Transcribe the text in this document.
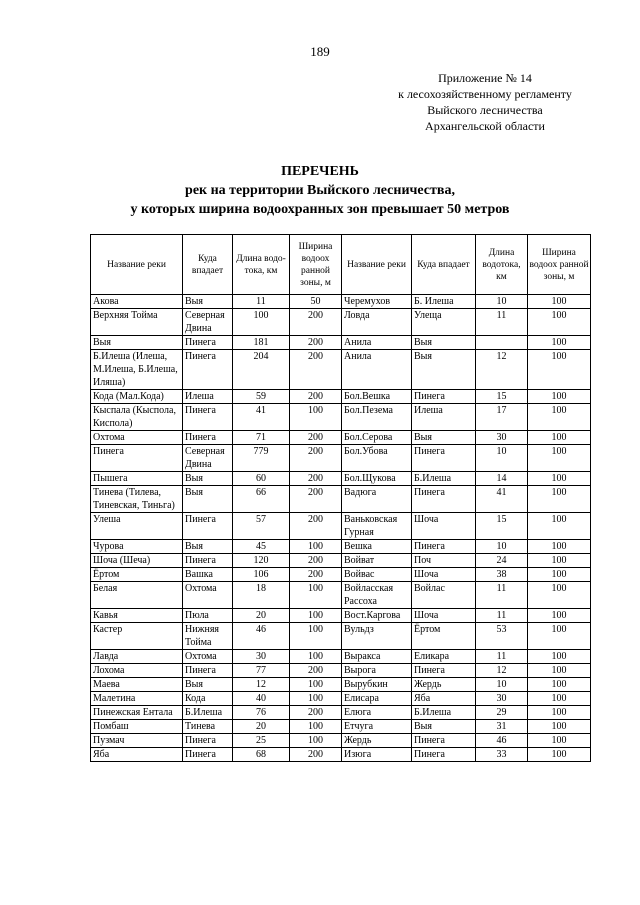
189
Приложение № 14
к лесохозяйственному регламенту
Выйского лесничества
Архангельской области
ПЕРЕЧЕНЬ
рек на территории Выйского лесничества,
у которых ширина водоохранных зон превышает 50 метров
Название реки	Куда впадает	Длина водо-тока, км	Ширина водоох ранной зоны, м	Название реки	Куда впадает	Длина водотока, км	Ширина водоох ранной зоны, м
Акова	Выя	11	50	Черемухов	Б. Илеша	10	100
Верхняя Тойма	Северная Двина	100	200	Ловда	Улеща	11	100
Выя	Пинега	181	200	Анила	Выя		100
Б.Илеша (Илеша, М.Илеша, Б.Илеша, Иляша)	Пинега	204	200	Анила	Выя	12	100
Кода (Мал.Кода)	Илеша	59	200	Бол.Вешка	Пинега	15	100
Кыспала (Кыспола, Киспола)	Пинега	41	100	Бол.Пезема	Илеша	17	100
Охтома	Пинега	71	200	Бол.Серова	Выя	30	100
Пинега	Северная Двина	779	200	Бол.Убова	Пинега	10	100
Пышега	Выя	60	200	Бол.Щукова	Б.Илеша	14	100
Тинева (Тилева, Тиневская, Тиньга)	Выя	66	200	Вадюга	Пинега	41	100
Улеша	Пинега	57	200	Ваньковская Гурная	Шоча	15	100
Чурова	Выя	45	100	Вешка	Пинега	10	100
Шоча (Шеча)	Пинега	120	200	Войват	Поч	24	100
Ёртом	Вашка	106	200	Войвас	Шоча	38	100
Белая	Охтома	18	100	Войласская Рассоха	Войлас	11	100
Кавья	Пюла	20	100	Вост.Каргова	Шоча	11	100
Кастер	Нижняя Тойма	46	100	Вульдз	Ёртом	53	100
Лавда	Охтома	30	100	Выракса	Еликара	11	100
Лохома	Пинега	77	200	Вырога	Пинега	12	100
Маева	Выя	12	100	Вырубкин	Жердь	10	100
Малетина	Кода	40	100	Елисара	Яба	30	100
Пинежская Ентала	Б.Илеша	76	200	Елюга	Б.Илеша	29	100
Помбаш	Тинева	20	100	Етчуга	Выя	31	100
Пузмач	Пинега	25	100	Жердь	Пинега	46	100
Яба	Пинега	68	200	Изюга	Пинега	33	100
